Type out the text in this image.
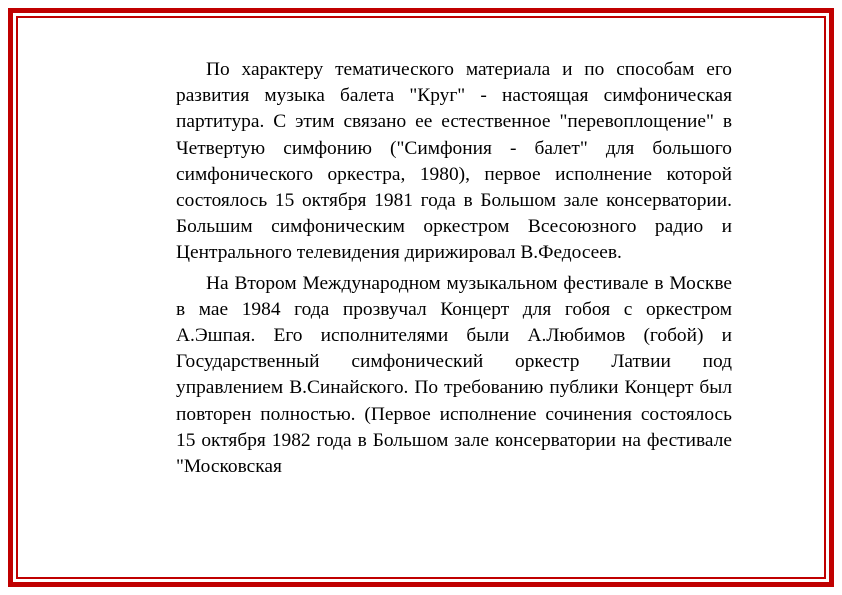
По характеру тематического материала и по способам его развития музыка балета "Круг" - настоящая симфоническая партитура. С этим связано ее естественное "перевоплощение" в Четвертую симфонию ("Симфония - балет" для большого симфонического оркестра, 1980), первое исполнение которой состоялось 15 октября 1981 года в Большом зале консерватории. Большим симфоническим оркестром Всесоюзного радио и Центрального телевидения дирижировал В.Федосеев.

На Втором Международном музыкальном фестивале в Москве в мае 1984 года прозвучал Концерт для гобоя с оркестром А.Эшпая. Его исполнителями были А.Любимов (гобой) и Государственный симфонический оркестр Латвии под управлением В.Синайского. По требованию публики Концерт был повторен полностью. (Первое исполнение сочинения состоялось 15 октября 1982 года в Большом зале консерватории на фестивале "Московская
